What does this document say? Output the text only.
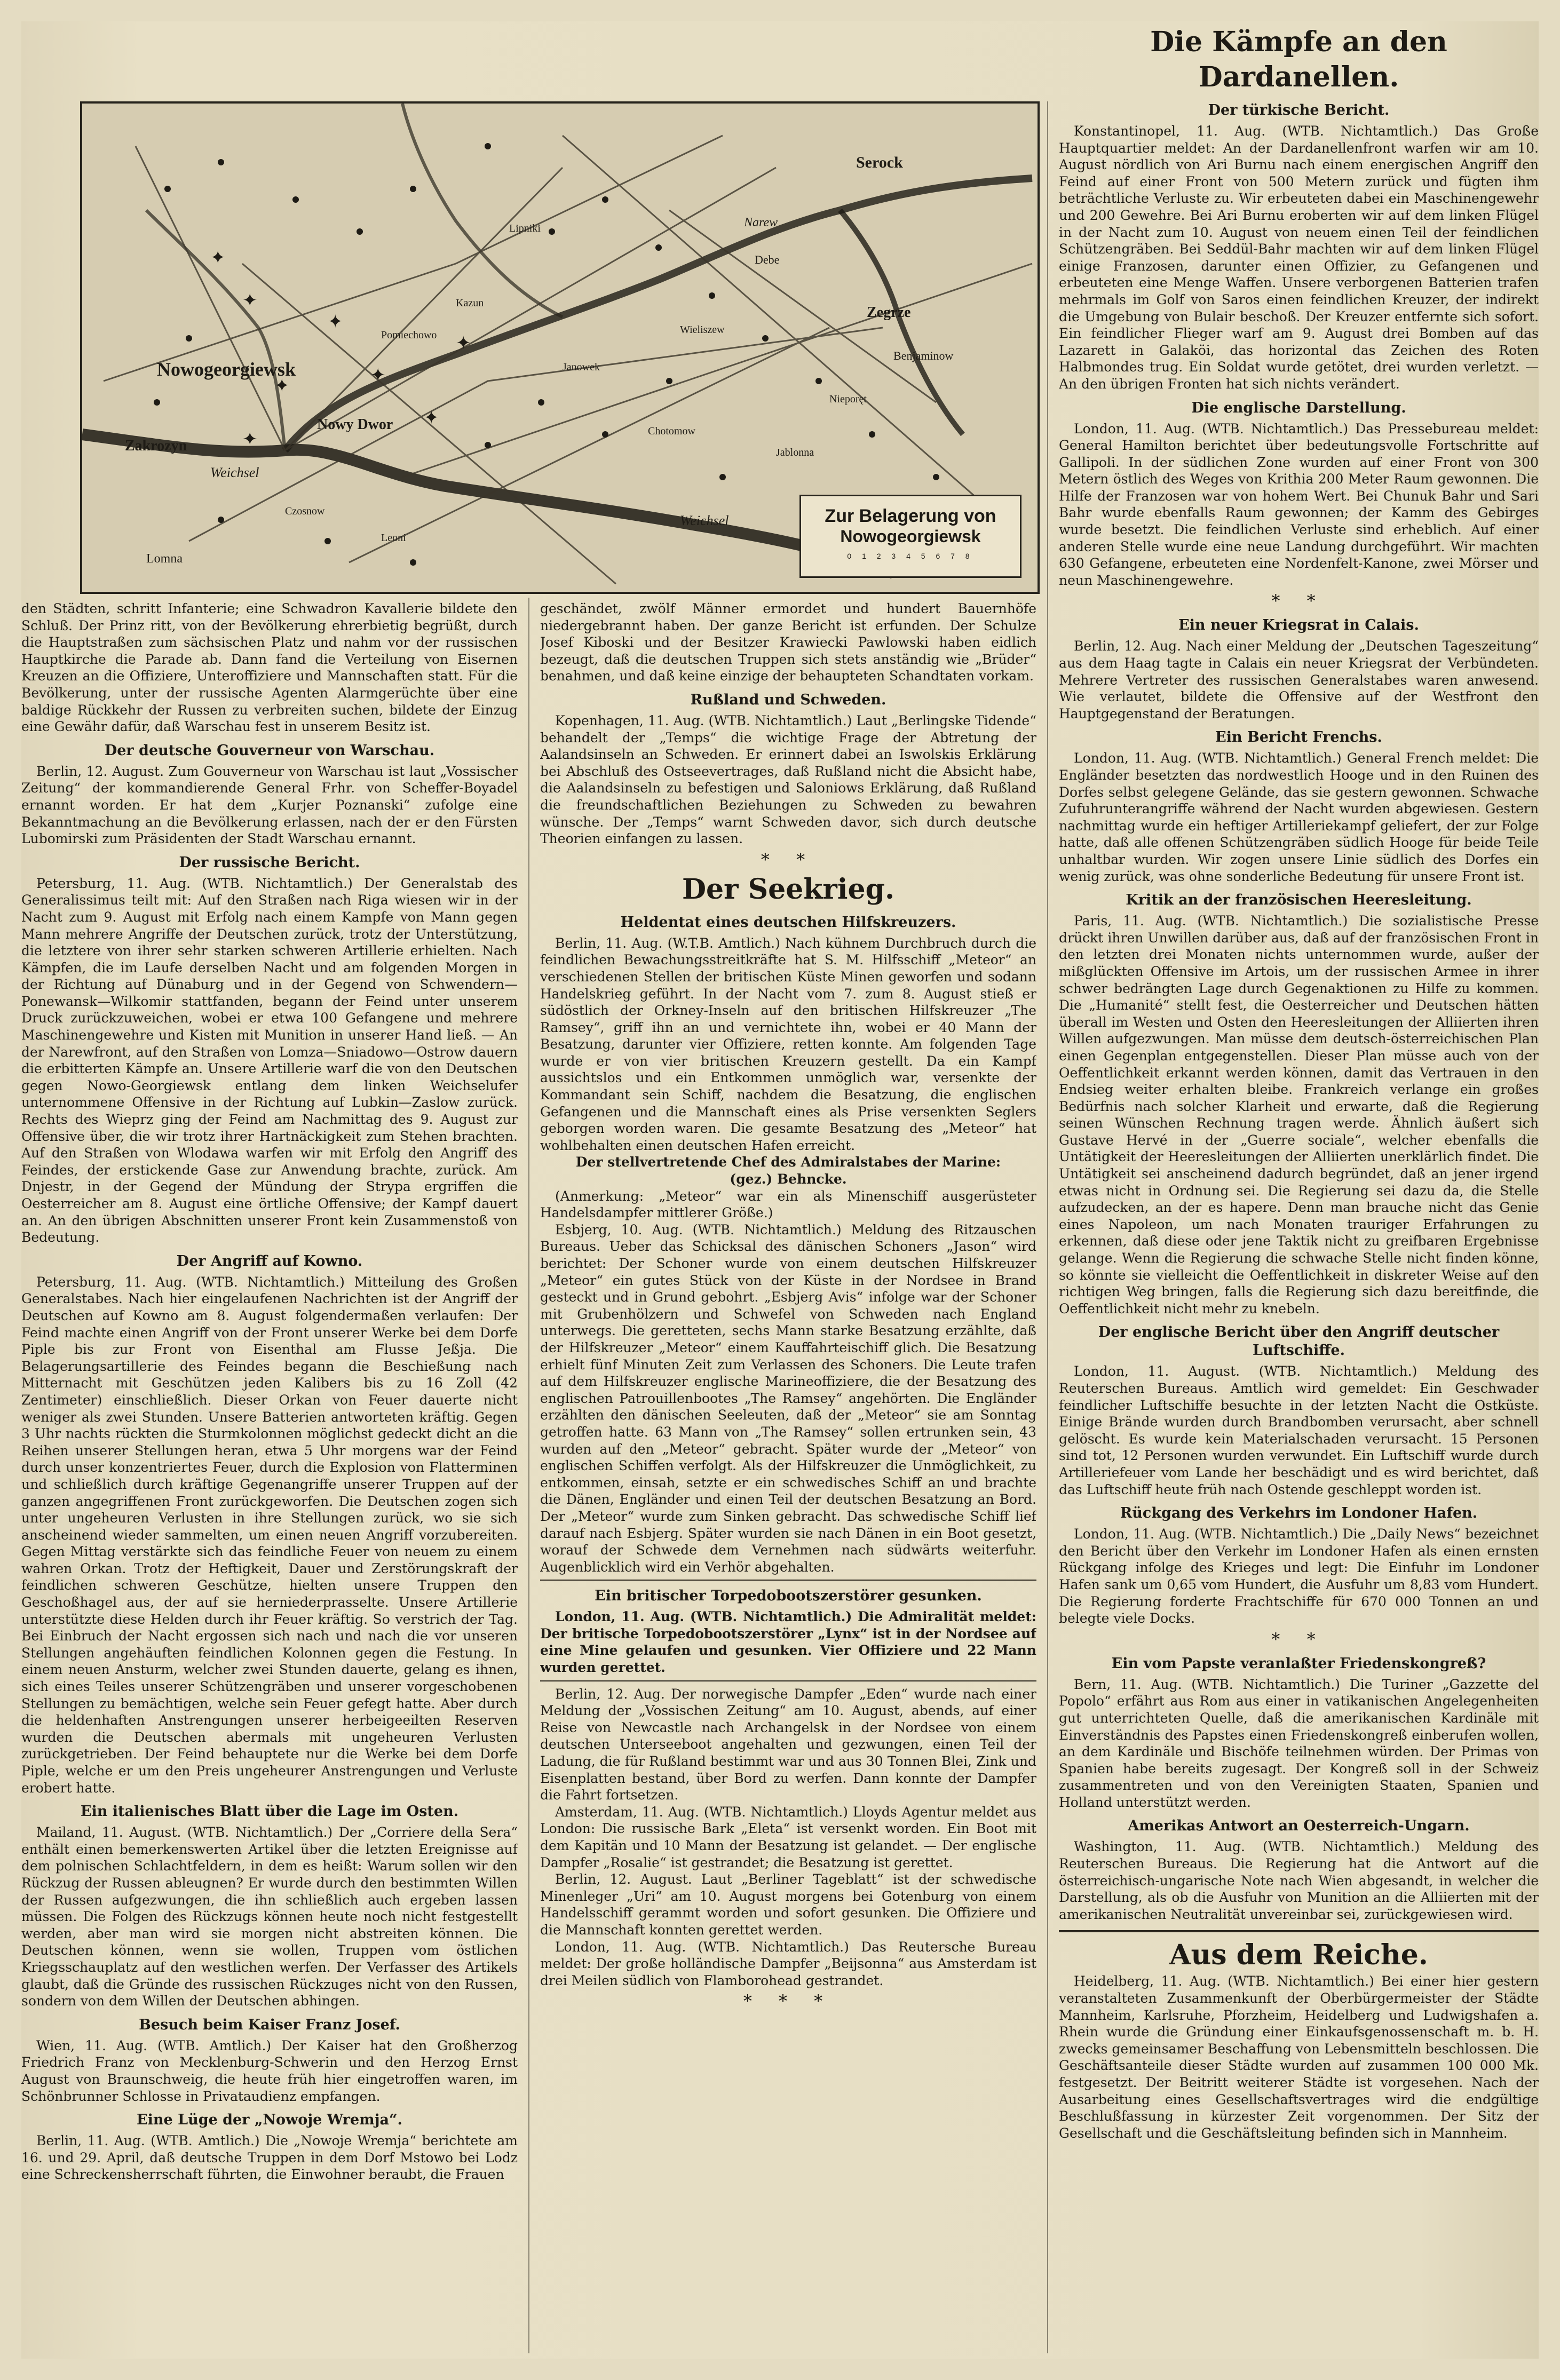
✦
✦
✦
✦
✦
✦
✦
✦
Serock
Nowogeorgiewsk
Zakrozyn
Nowy Dwor
Zegrze
Benjaminow
Debe
Weichsel
Weichsel
Narew
Lomna
Chotomow
Jablonna
Leoni
Czosnow
Pomiechowo	Wieliszew
Nieporęt
Kazun
Janowek
Lipniki
Zur Belagerung von
Nowogeorgiewsk
0 1 2 3 4 5 6 7 8
Die Kämpfe an den Dardanellen.
Der türkische Bericht.

Konstantinopel, 11. Aug. (WTB. Nichtamtlich.) Das Große Hauptquartier meldet: An der Dardanellenfront warfen wir am 10. August nördlich von Ari Burnu nach einem energischen Angriff den Feind auf einer Front von 500 Metern zurück und fügten ihm beträchtliche Verluste zu. Wir erbeuteten dabei ein Maschinengewehr und 200 Gewehre. Bei Ari Burnu eroberten wir auf dem linken Flügel in der Nacht zum 10. August von neuem einen Teil der feindlichen Schützengräben. Bei Seddül-Bahr machten wir auf dem linken Flügel einige Franzosen, darunter einen Offizier, zu Gefangenen und erbeuteten eine Menge Waffen. Unsere verborgenen Batterien trafen mehrmals im Golf von Saros einen feindlichen Kreuzer, der indirekt die Umgebung von Bulair beschoß. Der Kreuzer entfernte sich sofort. Ein feindlicher Flieger warf am 9. August drei Bomben auf das Lazarett in Galaköi, das horizontal das Zeichen des Roten Halbmondes trug. Ein Soldat wurde getötet, drei wurden verletzt. — An den übrigen Fronten hat sich nichts verändert.

Die englische Darstellung.

London, 11. Aug. (WTB. Nichtamtlich.) Das Pressebureau meldet: General Hamilton berichtet über bedeutungsvolle Fortschritte auf Gallipoli. In der südlichen Zone wurden auf einer Front von 300 Metern östlich des Weges von Krithia 200 Meter Raum gewonnen. Die Hilfe der Franzosen war von hohem Wert. Bei Chunuk Bahr und Sari Bahr wurde ebenfalls Raum gewonnen; der Kamm des Gebirges wurde besetzt. Die feindlichen Verluste sind erheblich. Auf einer anderen Stelle wurde eine neue Landung durchgeführt. Wir machten 630 Gefangene, erbeuteten eine Nordenfelt-Kanone, zwei Mörser und neun Maschinengewehre.

* *
Ein neuer Kriegsrat in Calais.

Berlin, 12. Aug. Nach einer Meldung der „Deutschen Tageszeitung“ aus dem Haag tagte in Calais ein neuer Kriegsrat der Verbündeten. Mehrere Vertreter des russischen Generalstabes waren anwesend. Wie verlautet, bildete die Offensive auf der Westfront den Hauptgegenstand der Beratungen.

Ein Bericht Frenchs.

London, 11. Aug. (WTB. Nichtamtlich.) General French meldet: Die Engländer besetzten das nordwestlich Hooge und in den Ruinen des Dorfes selbst gelegene Gelände, das sie gestern gewonnen. Schwache Zufuhrunterangriffe während der Nacht wurden abgewiesen. Gestern nachmittag wurde ein heftiger Artilleriekampf geliefert, der zur Folge hatte, daß alle offenen Schützengräben südlich Hooge für beide Teile unhaltbar wurden. Wir zogen unsere Linie südlich des Dorfes ein wenig zurück, was ohne sonderliche Bedeutung für unsere Front ist.

Kritik an der französischen Heeresleitung.

Paris, 11. Aug. (WTB. Nichtamtlich.) Die sozialistische Presse drückt ihren Unwillen darüber aus, daß auf der französischen Front in den letzten drei Monaten nichts unternommen wurde, außer der mißglückten Offensive im Artois, um der russischen Armee in ihrer schwer bedrängten Lage durch Gegenaktionen zu Hilfe zu kommen. Die „Humanité“ stellt fest, die Oesterreicher und Deutschen hätten überall im Westen und Osten den Heeresleitungen der Alliierten ihren Willen aufgezwungen. Man müsse dem deutsch-österreichischen Plan einen Gegenplan entgegenstellen. Dieser Plan müsse auch von der Oeffentlichkeit erkannt werden können, damit das Vertrauen in den Endsieg weiter erhalten bleibe. Frankreich verlange ein großes Bedürfnis nach solcher Klarheit und erwarte, daß die Regierung seinen Wünschen Rechnung tragen werde. Ähnlich äußert sich Gustave Hervé in der „Guerre sociale“, welcher ebenfalls die Untätigkeit der Heeresleitungen der Alliierten unerklärlich findet. Die Untätigkeit sei anscheinend dadurch begründet, daß an jener irgend etwas nicht in Ordnung sei. Die Regierung sei dazu da, die Stelle aufzudecken, an der es hapere. Denn man brauche nicht das Genie eines Napoleon, um nach Monaten trauriger Erfahrungen zu erkennen, daß diese oder jene Taktik nicht zu greifbaren Ergebnisse gelange. Wenn die Regierung die schwache Stelle nicht finden könne, so könnte sie vielleicht die Oeffentlichkeit in diskreter Weise auf den richtigen Weg bringen, falls die Regierung sich dazu bereitfinde, die Oeffentlichkeit nicht mehr zu knebeln.

Der englische Bericht über den Angriff deutscher Luftschiffe.

London, 11. August. (WTB. Nichtamtlich.) Meldung des Reuterschen Bureaus. Amtlich wird gemeldet: Ein Geschwader feindlicher Luftschiffe besuchte in der letzten Nacht die Ostküste. Einige Brände wurden durch Brandbomben verursacht, aber schnell gelöscht. Es wurde kein Materialschaden verursacht. 15 Personen sind tot, 12 Personen wurden verwundet. Ein Luftschiff wurde durch Artilleriefeuer vom Lande her beschädigt und es wird berichtet, daß das Luftschiff heute früh nach Ostende geschleppt worden ist.

Rückgang des Verkehrs im Londoner Hafen.

London, 11. Aug. (WTB. Nichtamtlich.) Die „Daily News“ bezeichnet den Bericht über den Verkehr im Londoner Hafen als einen ernsten Rückgang infolge des Krieges und legt: Die Einfuhr im Londoner Hafen sank um 0,65 vom Hundert, die Ausfuhr um 8,83 vom Hundert. Die Regierung forderte Frachtschiffe für 670 000 Tonnen an und belegte viele Docks.

* *
Ein vom Papste veranlaßter Friedenskongreß?

Bern, 11. Aug. (WTB. Nichtamtlich.) Die Turiner „Gazzette del Popolo“ erfährt aus Rom aus einer in vatikanischen Angelegenheiten gut unterrichteten Quelle, daß die amerikanischen Kardinäle mit Einverständnis des Papstes einen Friedenskongreß einberufen wollen, an dem Kardinäle und Bischöfe teilnehmen würden. Der Primas von Spanien habe bereits zugesagt. Der Kongreß soll in der Schweiz zusammentreten und von den Vereinigten Staaten, Spanien und Holland unterstützt werden.

Amerikas Antwort an Oesterreich-Ungarn.

Washington, 11. Aug. (WTB. Nichtamtlich.) Meldung des Reuterschen Bureaus. Die Regierung hat die Antwort auf die österreichisch-ungarische Note nach Wien abgesandt, in welcher die Darstellung, als ob die Ausfuhr von Munition an die Alliierten mit der amerikanischen Neutralität unvereinbar sei, zurückgewiesen wird.

Aus dem Reiche.

Heidelberg, 11. Aug. (WTB. Nichtamtlich.) Bei einer hier gestern veranstalteten Zusammenkunft der Oberbürgermeister der Städte Mannheim, Karlsruhe, Pforzheim, Heidelberg und Ludwigshafen a. Rhein wurde die Gründung einer Einkaufsgenossenschaft m. b. H. zwecks gemeinsamer Beschaffung von Lebensmitteln beschlossen. Die Geschäftsanteile dieser Städte wurden auf zusammen 100 000 Mk. festgesetzt. Der Beitritt weiterer Städte ist vorgesehen. Nach der Ausarbeitung eines Gesellschaftsvertrages wird die endgültige Beschlußfassung in kürzester Zeit vorgenommen. Der Sitz der Gesellschaft und die Geschäftsleitung befinden sich in Mannheim.

den Städten, schritt Infanterie; eine Schwadron Kavallerie bildete den Schluß. Der Prinz ritt, von der Bevölkerung ehrerbietig begrüßt, durch die Hauptstraßen zum sächsischen Platz und nahm vor der russischen Hauptkirche die Parade ab. Dann fand die Verteilung von Eisernen Kreuzen an die Offiziere, Unteroffiziere und Mannschaften statt. Für die Bevölkerung, unter der russische Agenten Alarmgerüchte über eine baldige Rückkehr der Russen zu verbreiten suchen, bildete der Einzug eine Gewähr dafür, daß Warschau fest in unserem Besitz ist.

Der deutsche Gouverneur von Warschau.

Berlin, 12. August. Zum Gouverneur von Warschau ist laut „Vossischer Zeitung“ der kommandierende General Frhr. von Scheffer-Boyadel ernannt worden. Er hat dem „Kurjer Poznanski“ zufolge eine Bekanntmachung an die Bevölkerung erlassen, nach der er den Fürsten Lubomirski zum Präsidenten der Stadt Warschau ernannt.

Der russische Bericht.

Petersburg, 11. Aug. (WTB. Nichtamtlich.) Der Generalstab des Generalissimus teilt mit: Auf den Straßen nach Riga wiesen wir in der Nacht zum 9. August mit Erfolg nach einem Kampfe von Mann gegen Mann mehrere Angriffe der Deutschen zurück, trotz der Unterstützung, die letztere von ihrer sehr starken schweren Artillerie erhielten. Nach Kämpfen, die im Laufe derselben Nacht und am folgenden Morgen in der Richtung auf Dünaburg und in der Gegend von Schwendern—Ponewansk—Wilkomir stattfanden, begann der Feind unter unserem Druck zurückzuweichen, wobei er etwa 100 Gefangene und mehrere Maschinengewehre und Kisten mit Munition in unserer Hand ließ. — An der Narewfront, auf den Straßen von Lomza—Sniadowo—Ostrow dauern die erbitterten Kämpfe an. Unsere Artillerie warf die von den Deutschen gegen Nowo-Georgiewsk entlang dem linken Weichselufer unternommene Offensive in der Richtung auf Lubkin—Zaslow zurück. Rechts des Wieprz ging der Feind am Nachmittag des 9. August zur Offensive über, die wir trotz ihrer Hartnäckigkeit zum Stehen brachten. Auf den Straßen von Wlodawa warfen wir mit Erfolg den Angriff des Feindes, der erstickende Gase zur Anwendung brachte, zurück. Am Dnjestr, in der Gegend der Mündung der Strypa ergriffen die Oesterreicher am 8. August eine örtliche Offensive; der Kampf dauert an. An den übrigen Abschnitten unserer Front kein Zusammenstoß von Bedeutung.

Der Angriff auf Kowno.

Petersburg, 11. Aug. (WTB. Nichtamtlich.) Mitteilung des Großen Generalstabes. Nach hier eingelaufenen Nachrichten ist der Angriff der Deutschen auf Kowno am 8. August folgendermaßen verlaufen: Der Feind machte einen Angriff von der Front unserer Werke bei dem Dorfe Piple bis zur Front von Eisenthal am Flusse Jeßja. Die Belagerungsartillerie des Feindes begann die Beschießung nach Mitternacht mit Geschützen jeden Kalibers bis zu 16 Zoll (42 Zentimeter) einschließlich. Dieser Orkan von Feuer dauerte nicht weniger als zwei Stunden. Unsere Batterien antworteten kräftig. Gegen 3 Uhr nachts rückten die Sturmkolonnen möglichst gedeckt dicht an die Reihen unserer Stellungen heran, etwa 5 Uhr morgens war der Feind durch unser konzentriertes Feuer, durch die Explosion von Flatterminen und schließlich durch kräftige Gegenangriffe unserer Truppen auf der ganzen angegriffenen Front zurückgeworfen. Die Deutschen zogen sich unter ungeheuren Verlusten in ihre Stellungen zurück, wo sie sich anscheinend wieder sammelten, um einen neuen Angriff vorzubereiten. Gegen Mittag verstärkte sich das feindliche Feuer von neuem zu einem wahren Orkan. Trotz der Heftigkeit, Dauer und Zerstörungskraft der feindlichen schweren Geschütze, hielten unsere Truppen den Geschoßhagel aus, der auf sie herniederprasselte. Unsere Artillerie unterstützte diese Helden durch ihr Feuer kräftig. So verstrich der Tag. Bei Einbruch der Nacht ergossen sich nach und nach die vor unseren Stellungen angehäuften feindlichen Kolonnen gegen die Festung. In einem neuen Ansturm, welcher zwei Stunden dauerte, gelang es ihnen, sich eines Teiles unserer Schützengräben und unserer vorgeschobenen Stellungen zu bemächtigen, welche sein Feuer gefegt hatte. Aber durch die heldenhaften Anstrengungen unserer herbeigeeilten Reserven wurden die Deutschen abermals mit ungeheuren Verlusten zurückgetrieben. Der Feind behauptete nur die Werke bei dem Dorfe Piple, welche er um den Preis ungeheurer Anstrengungen und Verluste erobert hatte.

Ein italienisches Blatt über die Lage im Osten.

Mailand, 11. August. (WTB. Nichtamtlich.) Der „Corriere della Sera“ enthält einen bemerkenswerten Artikel über die letzten Ereignisse auf dem polnischen Schlachtfeldern, in dem es heißt: Warum sollen wir den Rückzug der Russen ableugnen? Er wurde durch den bestimmten Willen der Russen aufgezwungen, die ihn schließlich auch ergeben lassen müssen. Die Folgen des Rückzugs können heute noch nicht festgestellt werden, aber man wird sie morgen nicht abstreiten können. Die Deutschen können, wenn sie wollen, Truppen vom östlichen Kriegsschauplatz auf den westlichen werfen. Der Verfasser des Artikels glaubt, daß die Gründe des russischen Rückzuges nicht von den Russen, sondern von dem Willen der Deutschen abhingen.

Besuch beim Kaiser Franz Josef.

Wien, 11. Aug. (WTB. Amtlich.) Der Kaiser hat den Großherzog Friedrich Franz von Mecklenburg-Schwerin und den Herzog Ernst August von Braunschweig, die heute früh hier eingetroffen waren, im Schönbrunner Schlosse in Privataudienz empfangen.

Eine Lüge der „Nowoje Wremja“.

Berlin, 11. Aug. (WTB. Amtlich.) Die „Nowoje Wremja“ berichtete am 16. und 29. April, daß deutsche Truppen in dem Dorf Mstowo bei Lodz eine Schreckensherrschaft führten, die Einwohner beraubt, die Frauen

geschändet, zwölf Männer ermordet und hundert Bauernhöfe niedergebrannt haben. Der ganze Bericht ist erfunden. Der Schulze Josef Kiboski und der Besitzer Krawiecki Pawlowski haben eidlich bezeugt, daß die deutschen Truppen sich stets anständig wie „Brüder“ benahmen, und daß keine einzige der behaupteten Schandtaten vorkam.

Rußland und Schweden.

Kopenhagen, 11. Aug. (WTB. Nichtamtlich.) Laut „Berlingske Tidende“ behandelt der „Temps“ die wichtige Frage der Abtretung der Aalandsinseln an Schweden. Er erinnert dabei an Iswolskis Erklärung bei Abschluß des Ostseevertrages, daß Rußland nicht die Absicht habe, die Aalandsinseln zu befestigen und Saloniows Erklärung, daß Rußland die freundschaftlichen Beziehungen zu Schweden zu bewahren wünsche. Der „Temps“ warnt Schweden davor, sich durch deutsche Theorien einfangen zu lassen.

* *
Der Seekrieg.
Heldentat eines deutschen Hilfskreuzers.

Berlin, 11. Aug. (W.T.B. Amtlich.) Nach kühnem Durchbruch durch die feindlichen Bewachungsstreitkräfte hat S. M. Hilfsschiff „Meteor“ an verschiedenen Stellen der britischen Küste Minen geworfen und sodann Handelskrieg geführt. In der Nacht vom 7. zum 8. August stieß er südöstlich der Orkney-Inseln auf den britischen Hilfskreuzer „The Ramsey“, griff ihn an und vernichtete ihn, wobei er 40 Mann der Besatzung, darunter vier Offiziere, retten konnte. Am folgenden Tage wurde er von vier britischen Kreuzern gestellt. Da ein Kampf aussichtslos und ein Entkommen unmöglich war, versenkte der Kommandant sein Schiff, nachdem die Besatzung, die englischen Gefangenen und die Mannschaft eines als Prise versenkten Seglers geborgen worden waren. Die gesamte Besatzung des „Meteor“ hat wohlbehalten einen deutschen Hafen erreicht.

Der stellvertretende Chef des Admiralstabes der Marine:

(gez.) Behncke.

(Anmerkung: „Meteor“ war ein als Minenschiff ausgerüsteter Handelsdampfer mittlerer Größe.)

Esbjerg, 10. Aug. (WTB. Nichtamtlich.) Meldung des Ritzauschen Bureaus. Ueber das Schicksal des dänischen Schoners „Jason“ wird berichtet: Der Schoner wurde von einem deutschen Hilfskreuzer „Meteor“ ein gutes Stück von der Küste in der Nordsee in Brand gesteckt und in Grund gebohrt. „Esbjerg Avis“ infolge war der Schoner mit Grubenhölzern und Schwefel von Schweden nach England unterwegs. Die geretteten, sechs Mann starke Besatzung erzählte, daß der Hilfskreuzer „Meteor“ einem Kauffahrteischiff glich. Die Besatzung erhielt fünf Minuten Zeit zum Verlassen des Schoners. Die Leute trafen auf dem Hilfskreuzer englische Marineoffiziere, die der Besatzung des englischen Patrouillenbootes „The Ramsey“ angehörten. Die Engländer erzählten den dänischen Seeleuten, daß der „Meteor“ sie am Sonntag getroffen hatte. 63 Mann von „The Ramsey“ sollen ertrunken sein, 43 wurden auf den „Meteor“ gebracht. Später wurde der „Meteor“ von englischen Schiffen verfolgt. Als der Hilfskreuzer die Unmöglichkeit, zu entkommen, einsah, setzte er ein schwedisches Schiff an und brachte die Dänen, Engländer und einen Teil der deutschen Besatzung an Bord. Der „Meteor“ wurde zum Sinken gebracht. Das schwedische Schiff lief darauf nach Esbjerg. Später wurden sie nach Dänen in ein Boot gesetzt, worauf der Schwede dem Vernehmen nach südwärts weiterfuhr. Augenblicklich wird ein Verhör abgehalten.

Ein britischer Torpedobootszerstörer gesunken.

London, 11. Aug. (WTB. Nichtamtlich.) Die Admiralität meldet: Der britische Torpedobootszerstörer „Lynx“ ist in der Nordsee auf eine Mine gelaufen und gesunken. Vier Offiziere und 22 Mann wurden gerettet.

Berlin, 12. Aug. Der norwegische Dampfer „Eden“ wurde nach einer Meldung der „Vossischen Zeitung“ am 10. August, abends, auf einer Reise von Newcastle nach Archangelsk in der Nordsee von einem deutschen Unterseeboot angehalten und gezwungen, einen Teil der Ladung, die für Rußland bestimmt war und aus 30 Tonnen Blei, Zink und Eisenplatten bestand, über Bord zu werfen. Dann konnte der Dampfer die Fahrt fortsetzen.

Amsterdam, 11. Aug. (WTB. Nichtamtlich.) Lloyds Agentur meldet aus London: Die russische Bark „Eleta“ ist versenkt worden. Ein Boot mit dem Kapitän und 10 Mann der Besatzung ist gelandet. — Der englische Dampfer „Rosalie“ ist gestrandet; die Besatzung ist gerettet.

Berlin, 12. August. Laut „Berliner Tageblatt“ ist der schwedische Minenleger „Uri“ am 10. August morgens bei Gotenburg von einem Handelsschiff gerammt worden und sofort gesunken. Die Offiziere und die Mannschaft konnten gerettet werden.

London, 11. Aug. (WTB. Nichtamtlich.) Das Reutersche Bureau meldet: Der große holländische Dampfer „Beijsonna“ aus Amsterdam ist drei Meilen südlich von Flamborohead gestrandet.

* * *
